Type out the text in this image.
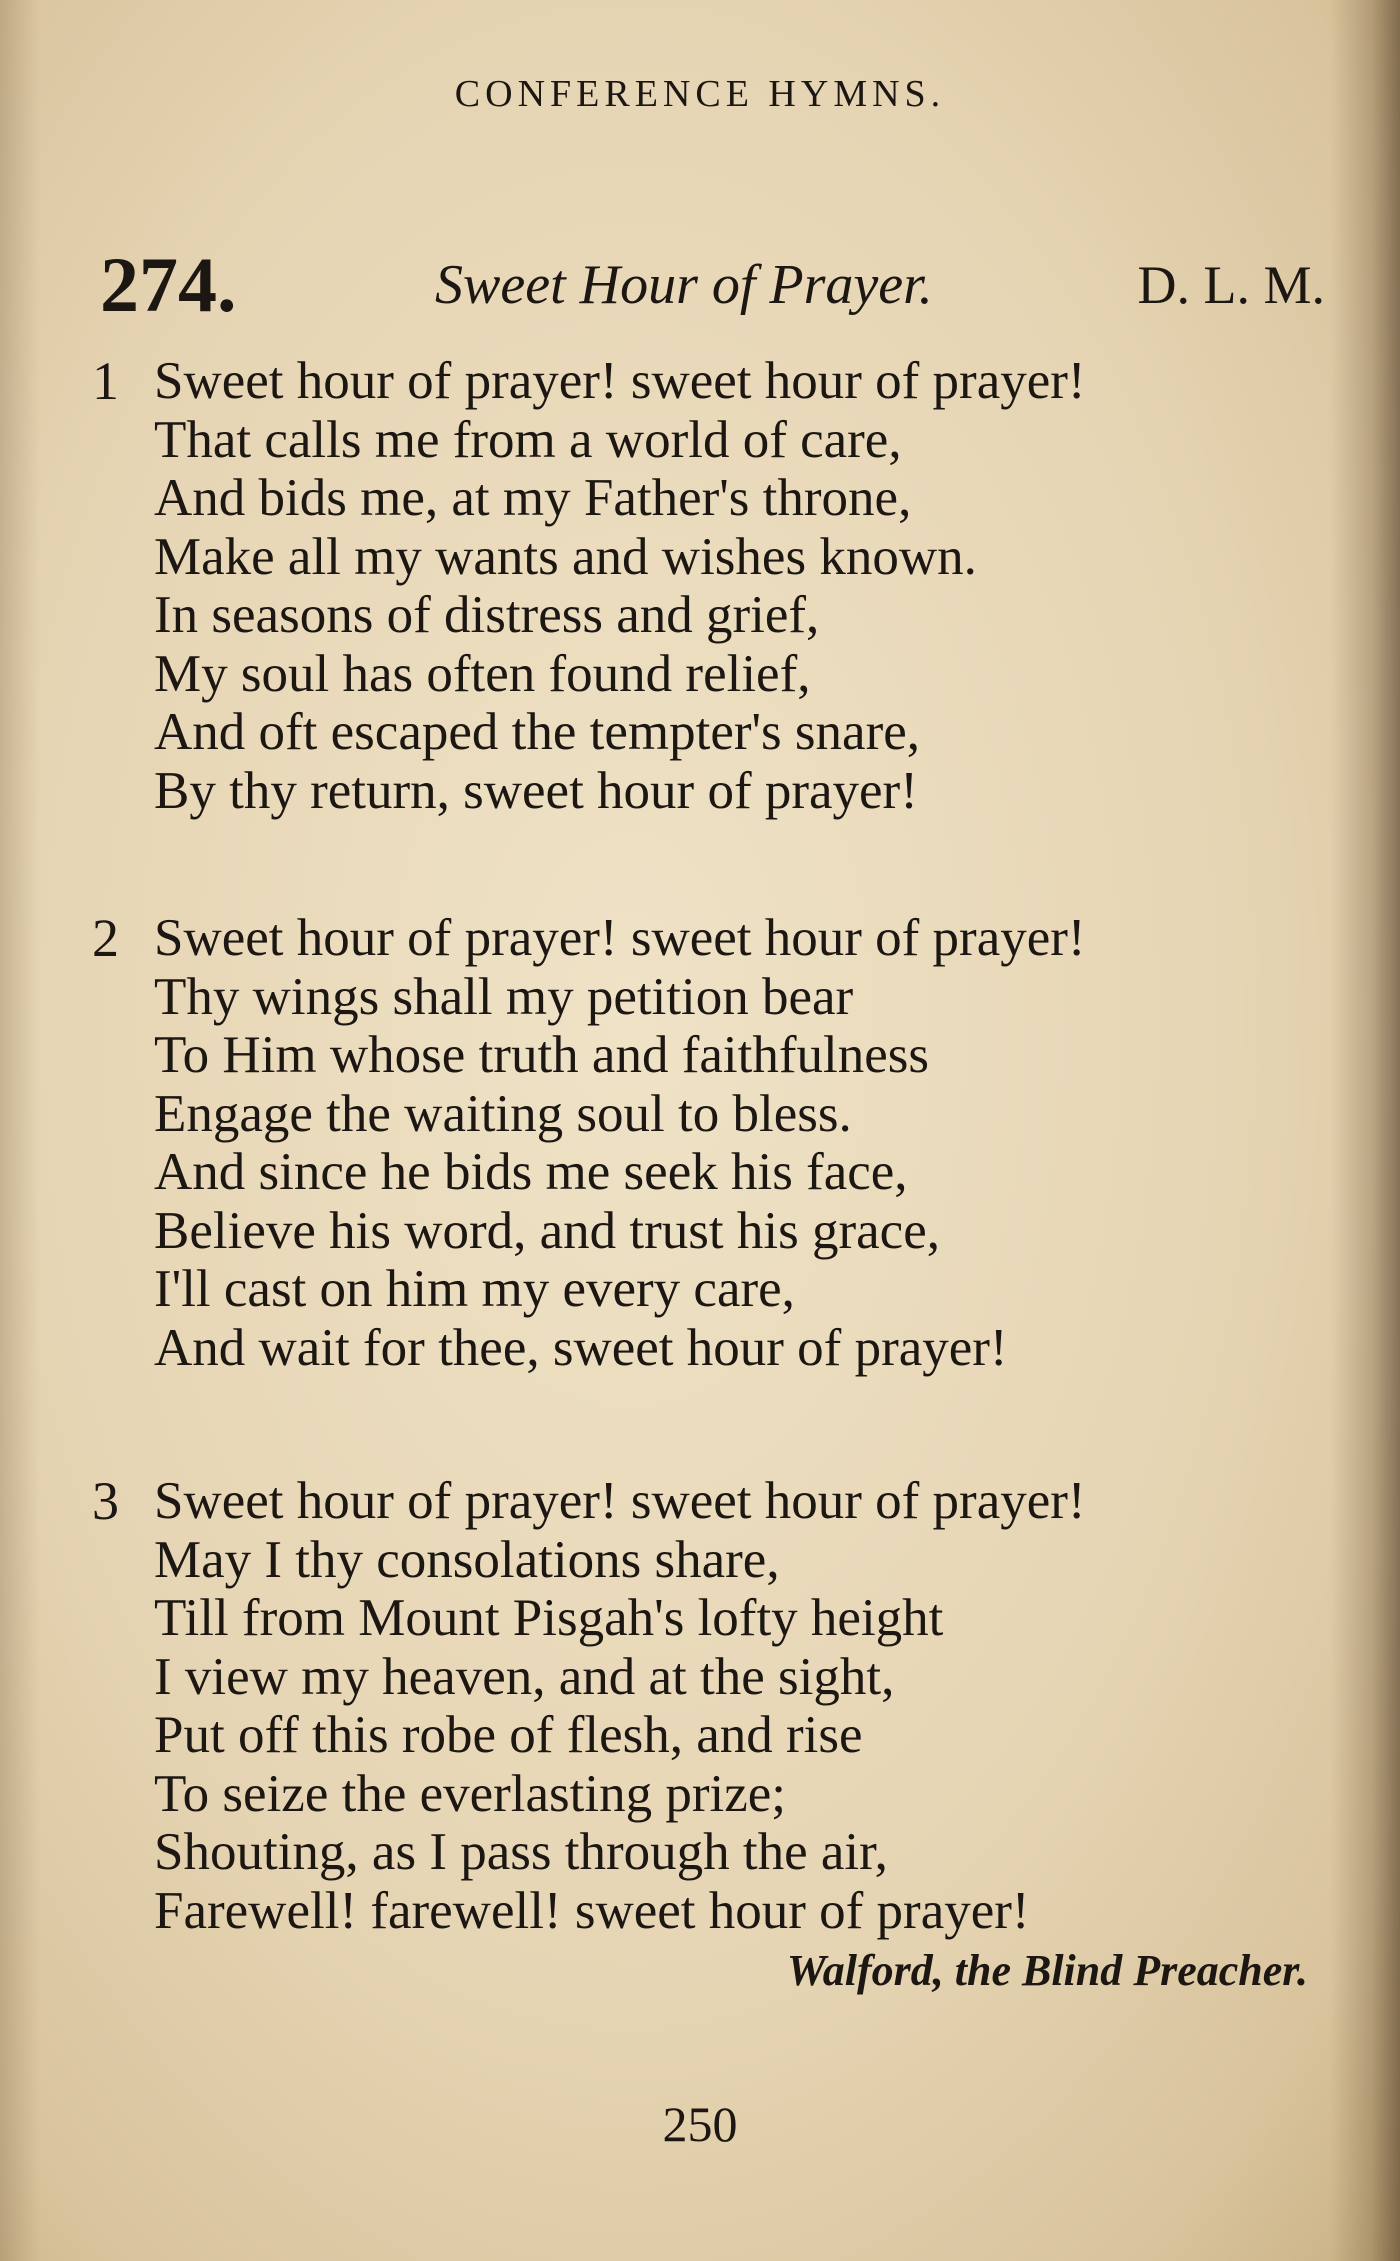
CONFERENCE HYMNS.
274.	Sweet Hour of Prayer.	D. L. M.
1 Sweet hour of prayer! sweet hour of prayer!
That calls me from a world of care,
And bids me, at my Father's throne,
Make all my wants and wishes known.
In seasons of distress and grief,
My soul has often found relief,
And oft escaped the tempter's snare,
By thy return, sweet hour of prayer!
2 Sweet hour of prayer! sweet hour of prayer!
Thy wings shall my petition bear
To Him whose truth and faithfulness
Engage the waiting soul to bless.
And since he bids me seek his face,
Believe his word, and trust his grace,
I'll cast on him my every care,
And wait for thee, sweet hour of prayer!
3 Sweet hour of prayer! sweet hour of prayer!
May I thy consolations share,
Till from Mount Pisgah's lofty height
I view my heaven, and at the sight,
Put off this robe of flesh, and rise
To seize the everlasting prize;
Shouting, as I pass through the air,
Farewell! farewell! sweet hour of prayer!
Walford, the Blind Preacher.
250
